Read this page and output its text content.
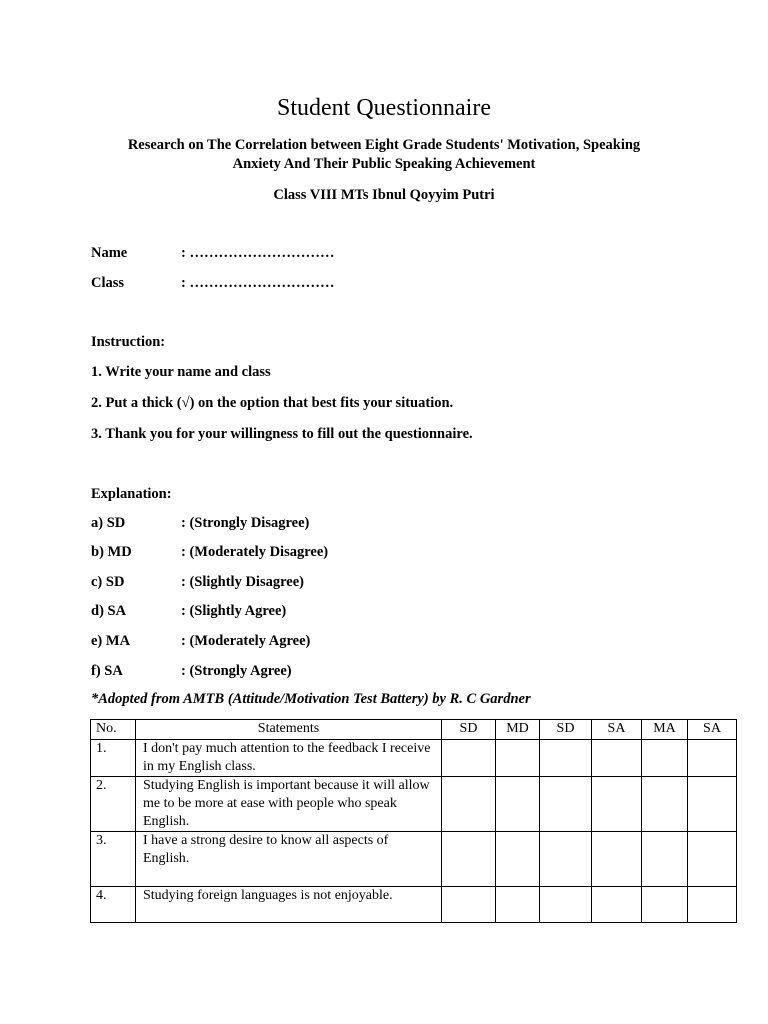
Student Questionnaire
Research on The Correlation between Eight Grade Students' Motivation, Speaking
Anxiety And Their Public Speaking Achievement
Class VIII MTs Ibnul Qoyyim Putri
Name	: …………………………
Class	: …………………………
Instruction:
1. Write your name and class
2. Put a thick (√) on the option that best fits your situation.
3. Thank you for your willingness to fill out the questionnaire.
Explanation:
a) SD	: (Strongly Disagree)
b) MD	: (Moderately Disagree)
c) SD	: (Slightly Disagree)
d) SA	: (Slightly Agree)
e) MA	: (Moderately Agree)
f) SA	: (Strongly Agree)
*Adopted from AMTB (Attitude/Motivation Test Battery) by R. C Gardner
No.	Statements	SD	MD	SD	SA	MA	SA
1.	I don't pay much attention to the feedback I receive in my English class.						
2.	Studying English is important because it will allow me to be more at ease with people who speak English.						
3.	I have a strong desire to know all aspects of English.						
4.	Studying foreign languages is not enjoyable.						
